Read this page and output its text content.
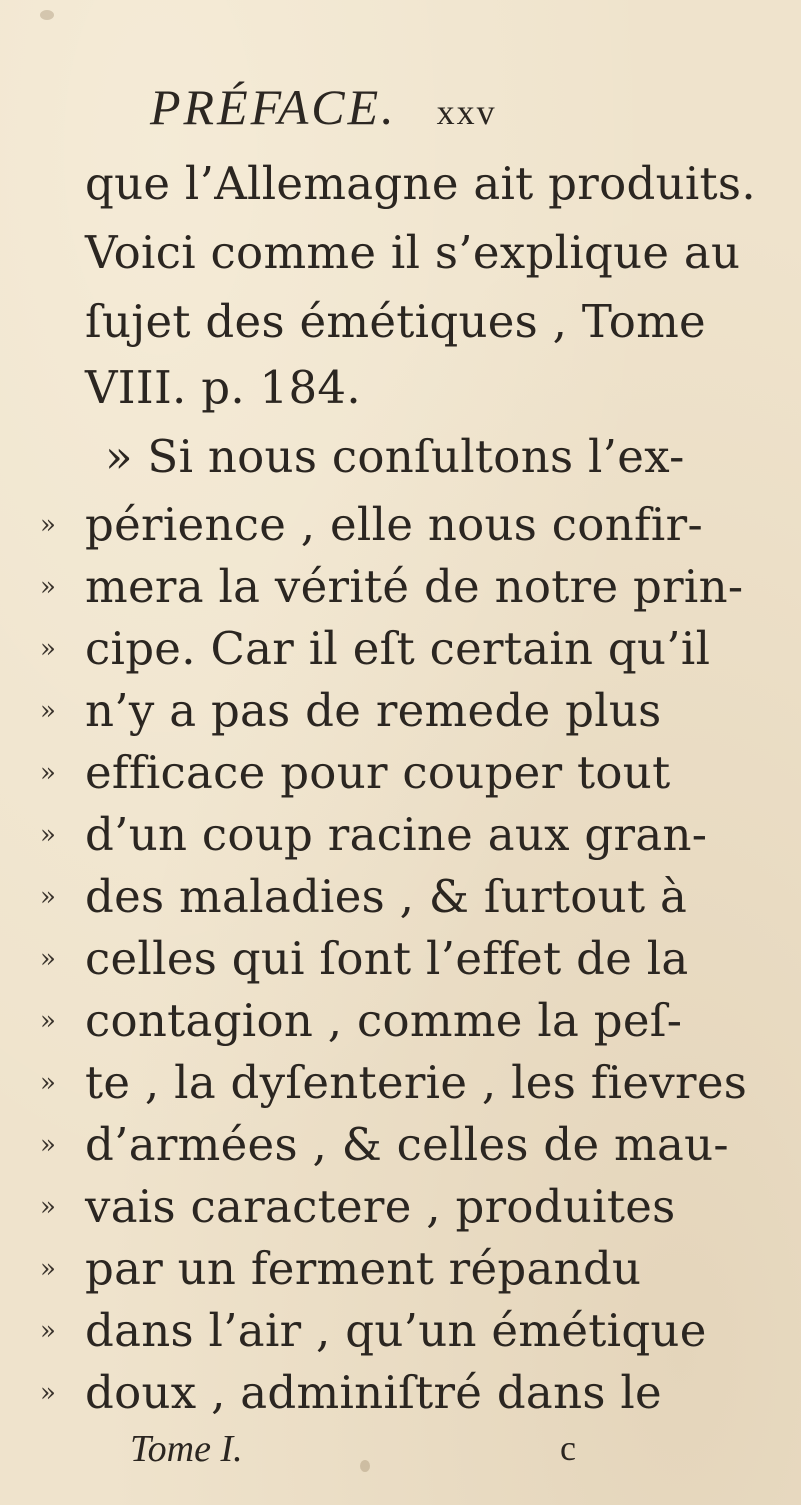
PRÉFACE. xxv
que l’Allemagne ait produits.
Voici comme il s’explique au
ſujet des émétiques , Tome
VIII. p. 184.
» Si nous conſultons l’ex-
» périence , elle nous confir-
» mera la vérité de notre prin-
» cipe. Car il eſt certain qu’il
» n’y a pas de remede plus
» efficace pour couper tout
» d’un coup racine aux gran-
» des maladies , & ſurtout à
» celles qui ſont l’effet de la
» contagion , comme la peſ-
» te , la dyſenterie , les fievres
» d’armées , & celles de mau-
» vais caractere , produites
» par un ferment répandu
» dans l’air , qu’un émétique
» doux , adminiſtré dans le
Tome I.	c
